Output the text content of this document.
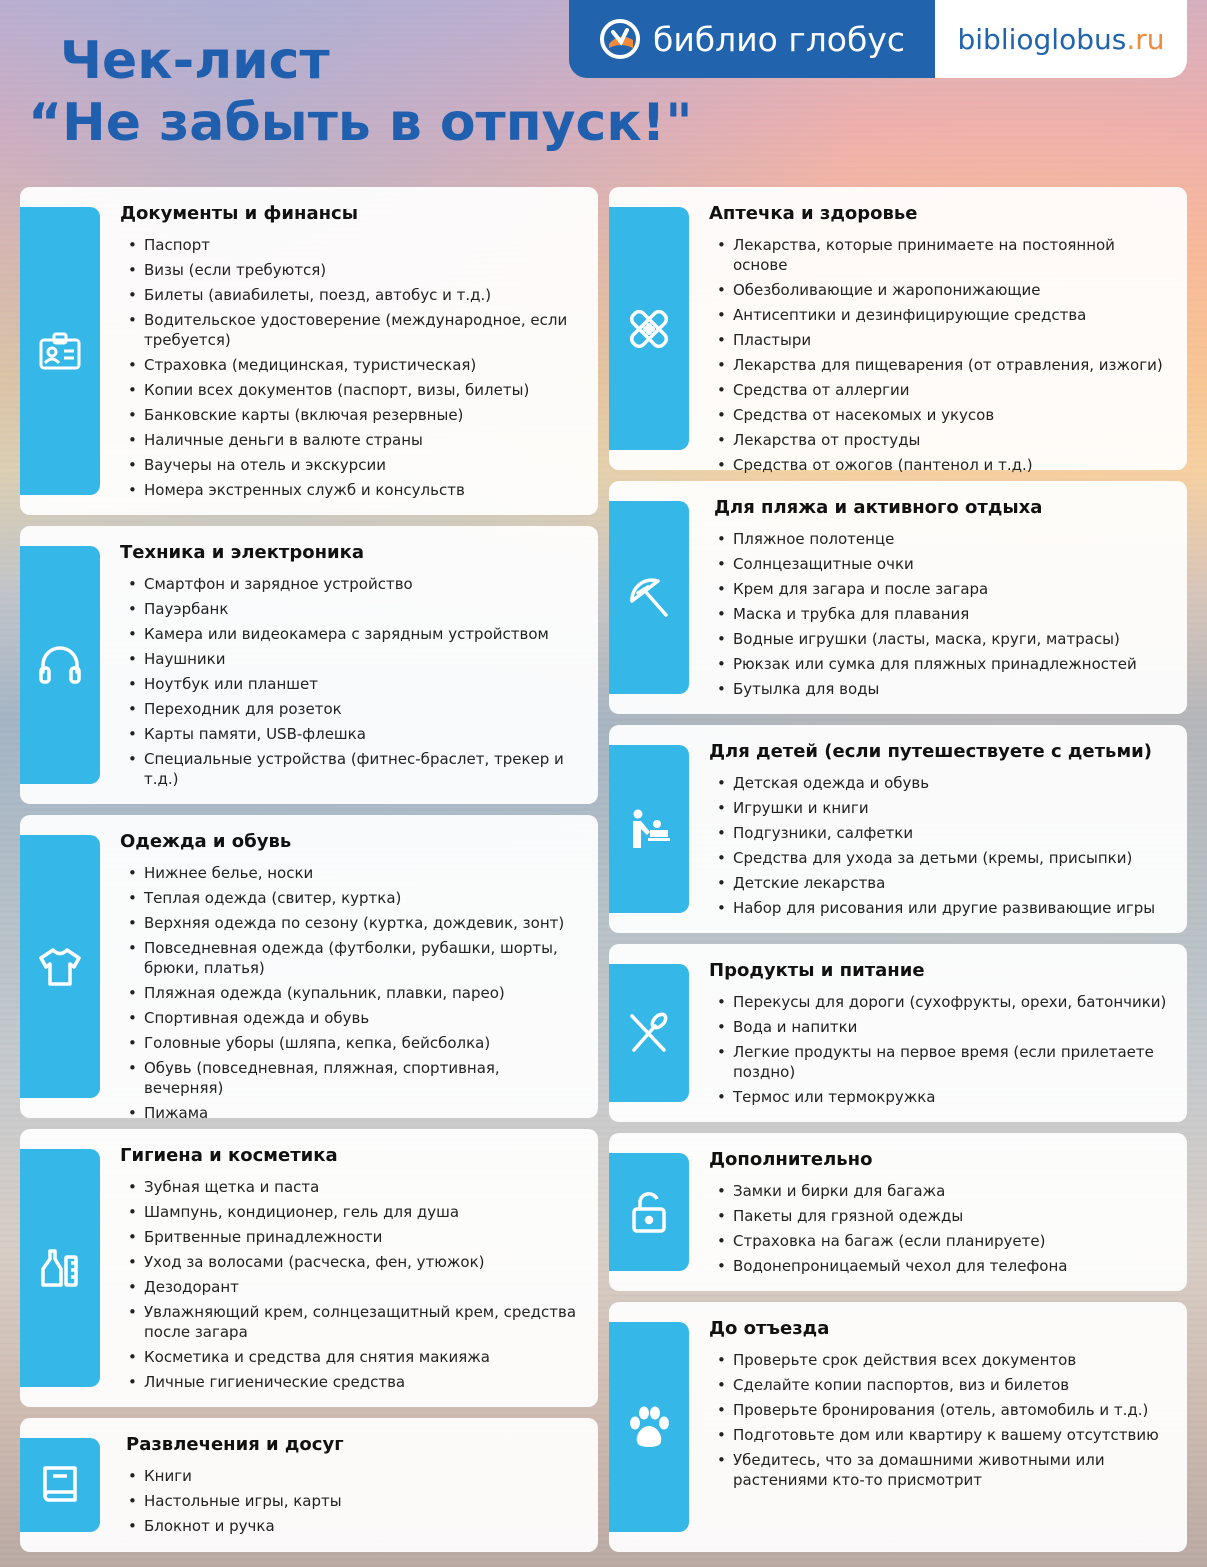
Чек-лист
“Не забыть в отпуск!"
библио глобус biblioglobus .ru
Документы и финансы
• Паспорт
• Визы (если требуются)
• Билеты (авиабилеты, поезд, автобус и т.д.)
• Водительское удостоверение (международное, если требуется)
• Страховка (медицинская, туристическая)
• Копии всех документов (паспорт, визы, билеты)
• Банковские карты (включая резервные)
• Наличные деньги в валюте страны
• Ваучеры на отель и экскурсии
• Номера экстренных служб и консульств
Техника и электроника
• Смартфон и зарядное устройство
• Пауэрбанк
• Камера или видеокамера с зарядным устройством
• Наушники
• Ноутбук или планшет
• Переходник для розеток
• Карты памяти, USB-флешка
• Специальные устройства (фитнес-браслет, трекер и т.д.)
Одежда и обувь
• Нижнее белье, носки
• Теплая одежда (свитер, куртка)
• Верхняя одежда по сезону (куртка, дождевик, зонт)
• Повседневная одежда (футболки, рубашки, шорты, брюки, платья)
• Пляжная одежда (купальник, плавки, парео)
• Спортивная одежда и обувь
• Головные уборы (шляпа, кепка, бейсболка)
• Обувь (повседневная, пляжная, спортивная, вечерняя)
• Пижама
Гигиена и косметика
• Зубная щетка и паста
• Шампунь, кондиционер, гель для душа
• Бритвенные принадлежности
• Уход за волосами (расческа, фен, утюжок)
• Дезодорант
• Увлажняющий крем, солнцезащитный крем, средства после загара
• Косметика и средства для снятия макияжа
• Личные гигиенические средства
Развлечения и досуг
• Книги
• Настольные игры, карты
• Блокнот и ручка
Аптечка и здоровье
• Лекарства, которые принимаете на постоянной основе
• Обезболивающие и жаропонижающие
• Антисептики и дезинфицирующие средства
• Пластыри
• Лекарства для пищеварения (от отравления, изжоги)
• Средства от аллергии
• Средства от насекомых и укусов
• Лекарства от простуды
• Средства от ожогов (пантенол и т.д.)
Для пляжа и активного отдыха
• Пляжное полотенце
• Солнцезащитные очки
• Крем для загара и после загара
• Маска и трубка для плавания
• Водные игрушки (ласты, маска, круги, матрасы)
• Рюкзак или сумка для пляжных принадлежностей
• Бутылка для воды
Для детей (если путешествуете с детьми)
• Детская одежда и обувь
• Игрушки и книги
• Подгузники, салфетки
• Средства для ухода за детьми (кремы, присыпки)
• Детские лекарства
• Набор для рисования или другие развивающие игры
Продукты и питание
• Перекусы для дороги (сухофрукты, орехи, батончики)
• Вода и напитки
• Легкие продукты на первое время (если прилетаете поздно)
• Термос или термокружка
Дополнительно
• Замки и бирки для багажа
• Пакеты для грязной одежды
• Страховка на багаж (если планируете)
• Водонепроницаемый чехол для телефона
До отъезда
• Проверьте срок действия всех документов
• Сделайте копии паспортов, виз и билетов
• Проверьте бронирования (отель, автомобиль и т.д.)
• Подготовьте дом или квартиру к вашему отсутствию
• Убедитесь, что за домашними животными или растениями кто-то присмотрит
